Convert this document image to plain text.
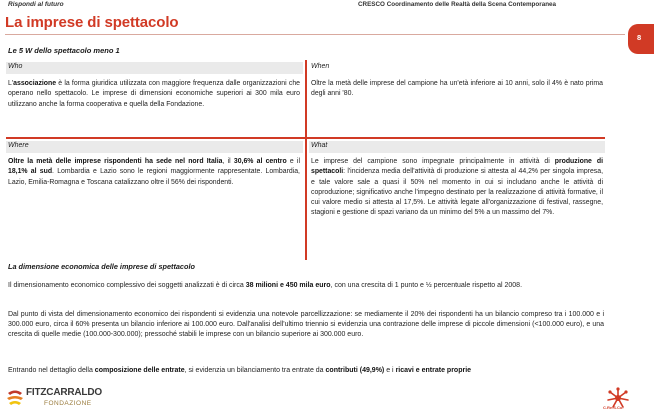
Rispondi al futuro	CRESCO Coordinamento delle Realtà della Scena Contemporanea
La imprese di spettacolo
8
Le 5 W dello spettacolo meno 1
Who	When
Where	What
L'associazione è la forma giuridica utilizzata con maggiore frequenza dalle organizzazioni che operano nello spettacolo. Le imprese di dimensioni economiche superiori ai 300 mila euro utilizzano anche la forma cooperativa e quella della Fondazione.
Oltre la metà delle imprese del campione ha un'età inferiore ai 10 anni, solo il 4% è nato prima degli anni '80.
Oltre la metà delle imprese rispondenti ha sede nel nord Italia, il 30,6% al centro e il 18,1% al sud. Lombardia e Lazio sono le regioni maggiormente rappresentate. Lombardia, Lazio, Emilia-Romagna e Toscana catalizzano oltre il 56% dei rispondenti.
Le imprese del campione sono impegnate principalmente in attività di produzione di spettacoli: l'incidenza media dell'attività di produzione si attesta al 44,2% per singola impresa, e tale valore sale a quasi il 50% nel momento in cui si includano anche le attività di coproduzione; significativo anche l'impegno destinato per la realizzazione di attività formative, il cui valore medio si attesta al 17,5%. Le attività legate all'organizzazione di festival, rassegne, stagioni e gestione di spazi variano da un minimo del 5% a un massimo del 7%.
La dimensione economica delle imprese di spettacolo
Il dimensionamento economico complessivo dei soggetti analizzati è di circa 38 milioni e 450 mila euro, con una crescita di 1 punto e ½ percentuale rispetto al 2008.
Dal punto di vista del dimensionamento economico dei rispondenti si evidenzia una notevole parcellizzazione: se mediamente il 20% dei rispondenti ha un bilancio compreso tra i 100.000 e i 300.000 euro, circa il 60% presenta un bilancio inferiore ai 100.000 euro. Dall'analisi dell'ultimo triennio si evidenzia una contrazione delle imprese di piccole dimensioni (<100.000 euro), e una crescita di quelle medie (100.000-300.000); pressoché stabili le imprese con un bilancio superiore ai 300.000 euro.
Entrando nel dettaglio della composizione delle entrate, si evidenzia un bilanciamento tra entrate da contributi (49,9%) e i ricavi e entrate proprie
FITZCARRALDO
FONDAZIONE
C.Re.S.Co.
